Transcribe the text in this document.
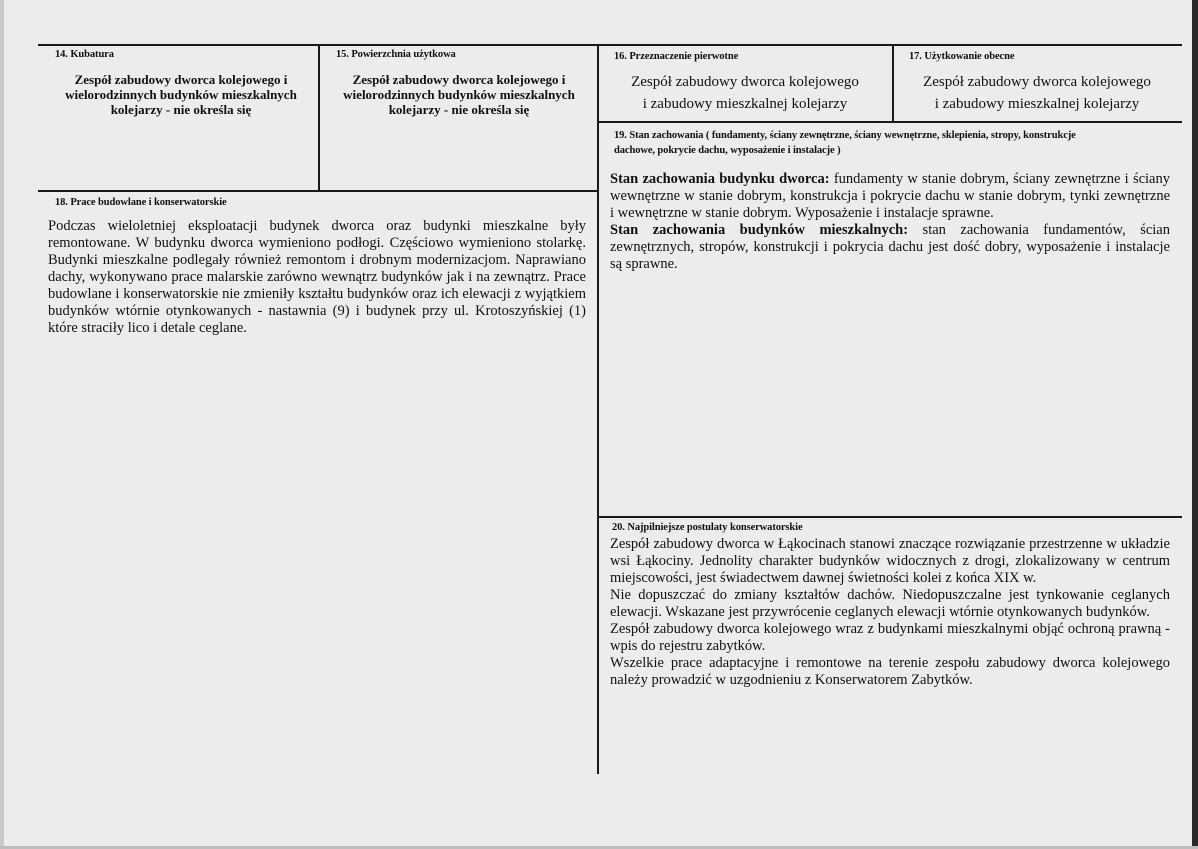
14. Kubatura
Zespół zabudowy dworca kolejowego i wielorodzinnych budynków mieszkalnych kolejarzy - nie określa się
15. Powierzchnia użytkowa
Zespół zabudowy dworca kolejowego i wielorodzinnych budynków mieszkalnych kolejarzy - nie określa się
16. Przeznaczenie pierwotne
Zespół zabudowy dworca kolejowego
i zabudowy mieszkalnej kolejarzy
17. Użytkowanie obecne
Zespół zabudowy dworca kolejowego
i zabudowy mieszkalnej kolejarzy
18. Prace budowlane i konserwatorskie

Podczas wieloletniej eksploatacji budynek dworca oraz budynki mieszkalne były remontowane. W budynku dworca wymieniono podłogi. Częściowo wymieniono stolarkę. Budynki mieszkalne podlegały również remontom i drobnym modernizacjom. Naprawiano dachy, wykonywano prace malarskie zarówno wewnątrz budynków jak i na zewnątrz. Prace budowlane i konserwatorskie nie zmieniły kształtu budynków oraz ich elewacji z wyjątkiem budynków wtórnie otynkowanych - nastawnia (9) i budynek przy ul. Krotoszyńskiej (1) które straciły lico i detale ceglane.

19. Stan zachowania ( fundamenty, ściany zewnętrzne, ściany wewnętrzne, sklepienia, stropy, konstrukcje dachowe, pokrycie dachu, wyposażenie i instalacje )

Stan zachowania budynku dworca: fundamenty w stanie dobrym, ściany zewnętrzne i ściany wewnętrzne w stanie dobrym, konstrukcja i pokrycie dachu w stanie dobrym, tynki zewnętrzne i wewnętrzne w stanie dobrym. Wyposażenie i instalacje sprawne.

Stan zachowania budynków mieszkalnych: stan zachowania fundamentów, ścian zewnętrznych, stropów, konstrukcji i pokrycia dachu jest dość dobry, wyposażenie i instalacje są sprawne.

20. Najpilniejsze postulaty konserwatorskie

Zespół zabudowy dworca w Łąkocinach stanowi znaczące rozwiązanie przestrzenne w układzie wsi Łąkociny. Jednolity charakter budynków widocznych z drogi, zlokalizowany w centrum miejscowości, jest świadectwem dawnej świetności kolei z końca XIX w.

Nie dopuszczać do zmiany kształtów dachów. Niedopuszczalne jest tynkowanie ceglanych elewacji. Wskazane jest przywrócenie ceglanych elewacji wtórnie otynkowanych budynków.

Zespół zabudowy dworca kolejowego wraz z budynkami mieszkalnymi objąć ochroną prawną - wpis do rejestru zabytków.

Wszelkie prace adaptacyjne i remontowe na terenie zespołu zabudowy dworca kolejowego należy prowadzić w uzgodnieniu z Konserwatorem Zabytków.
